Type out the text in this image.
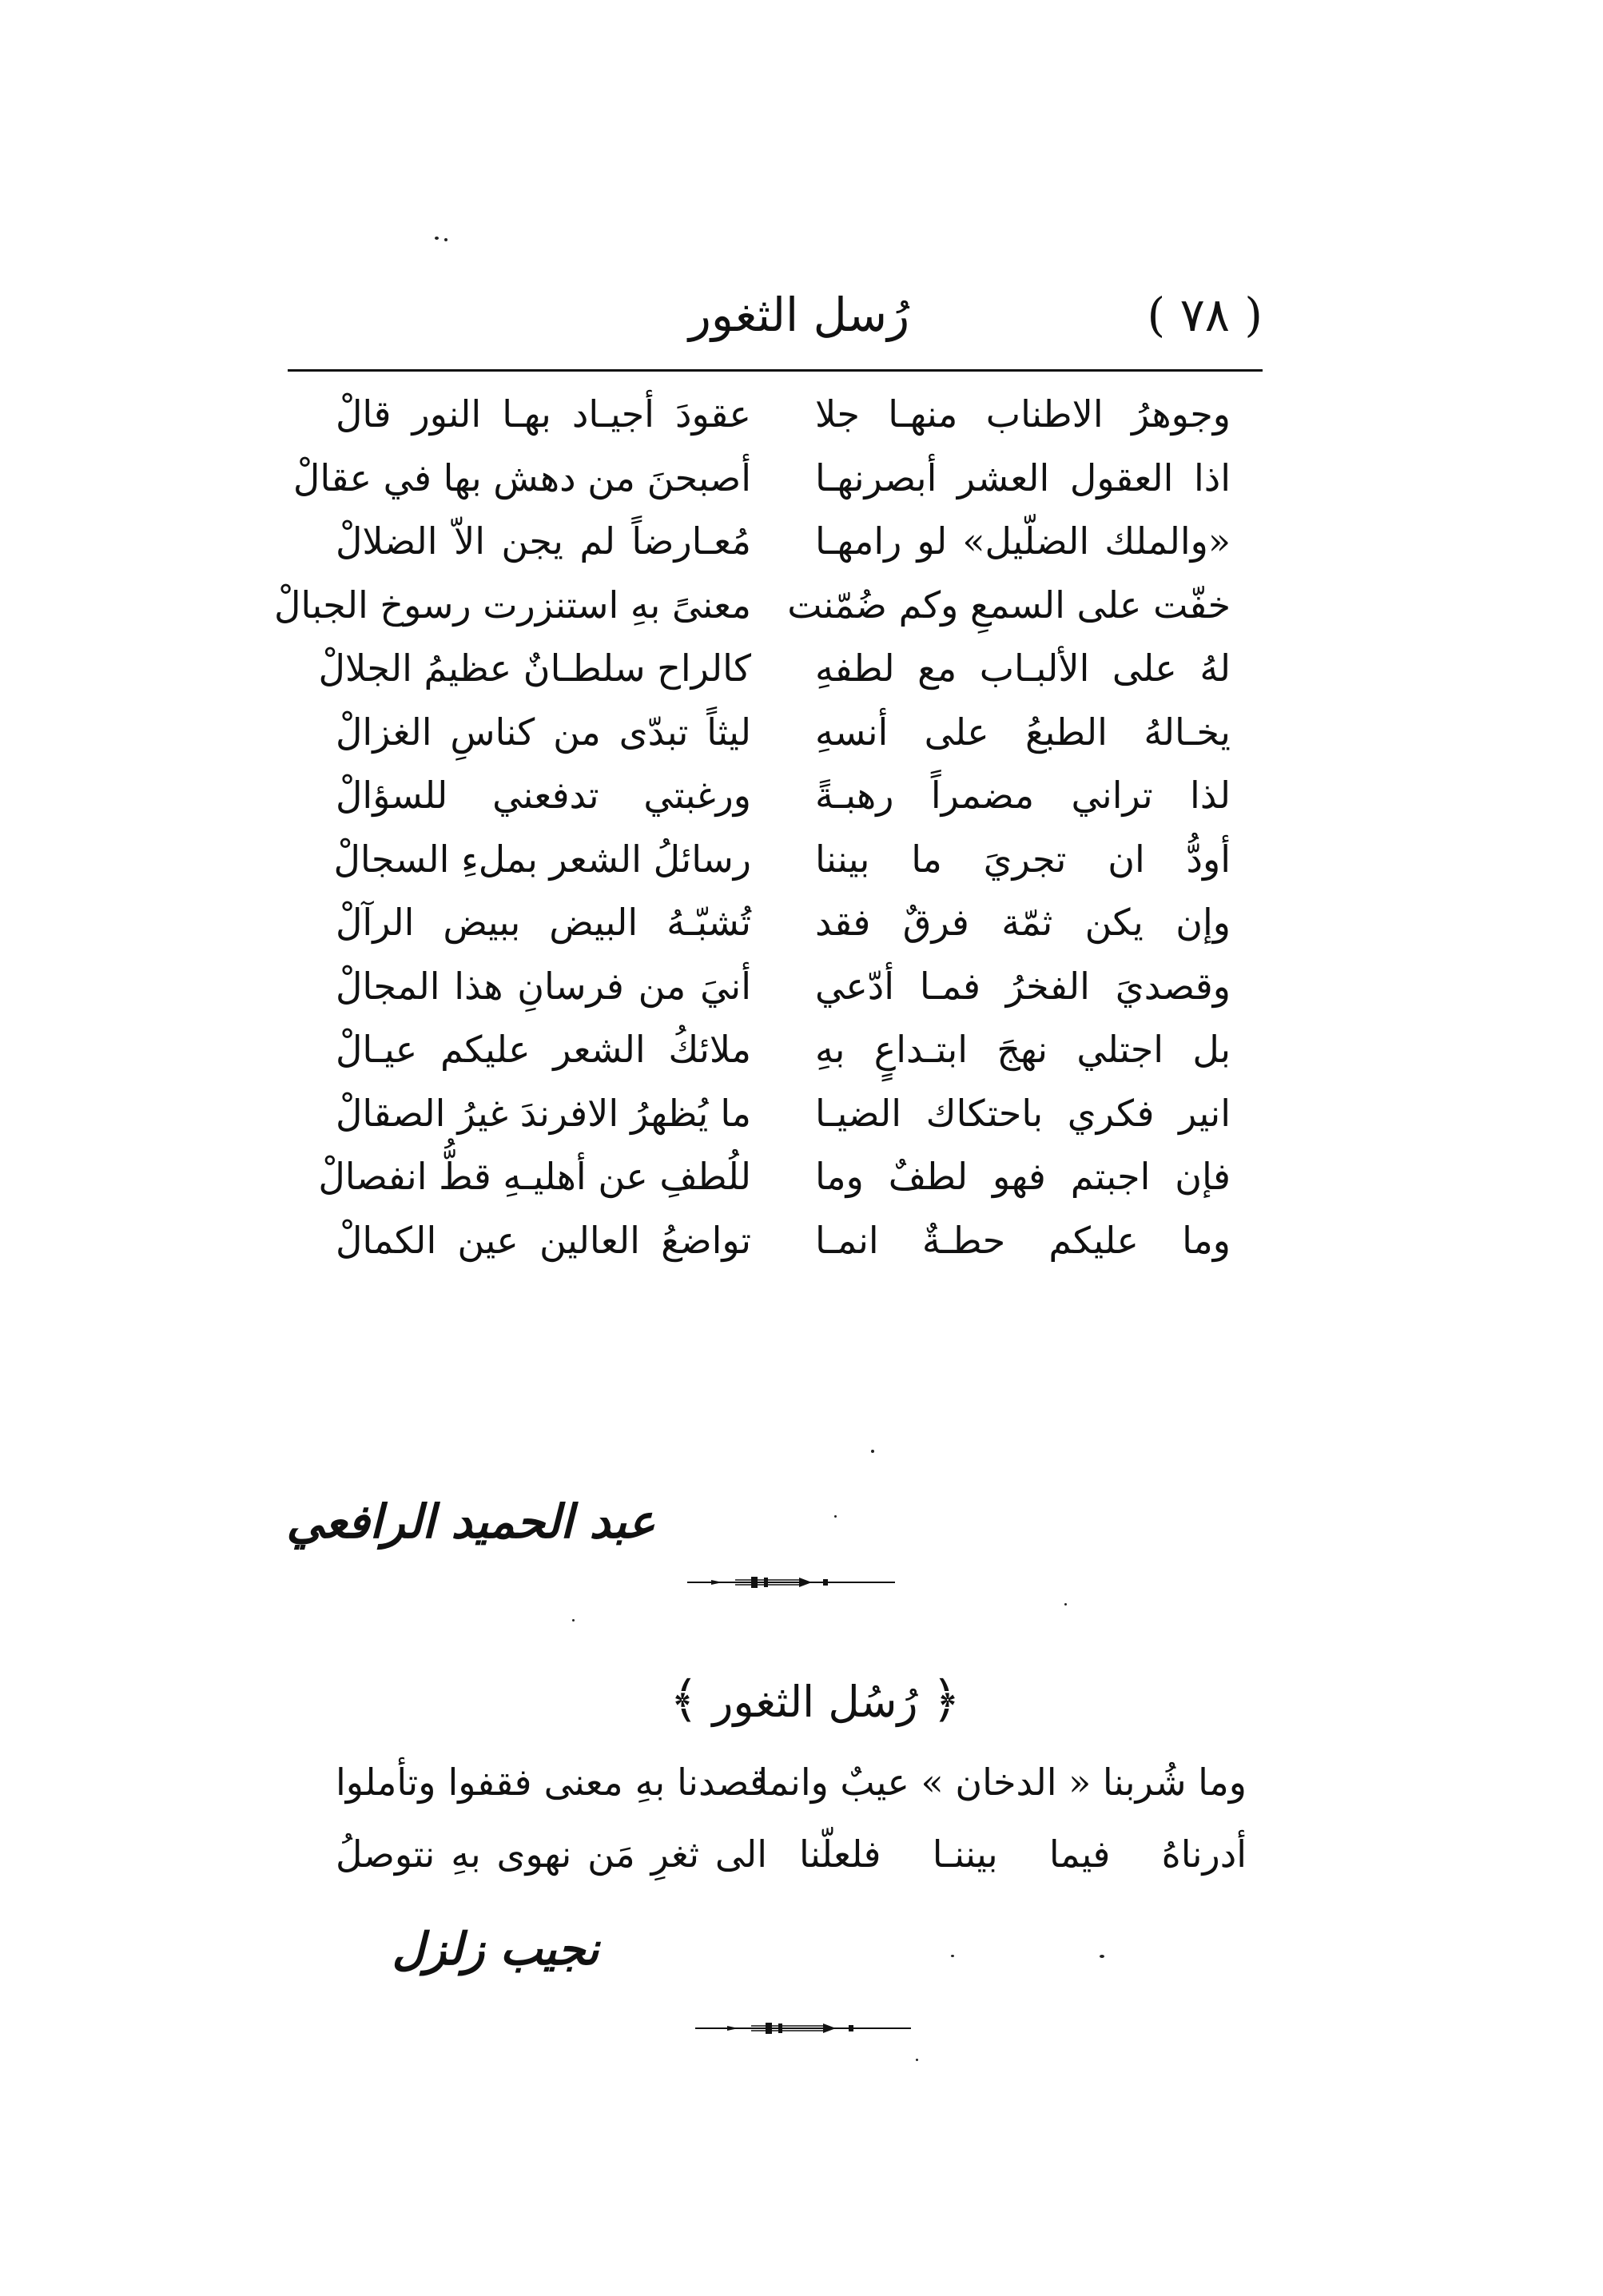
( ٧٨ )
رُسل الثغور
وجوهرُ الاطناب منهـا جلا
عقودَ أجيـاد بهـا النور قالْ
اذا العقول العشر أبصرنهـا
أصبحنَ من دهش بها في عقالْ
«والملك الضلّيل» لو رامهـا
مُعـارضاً لم يجن الاّ الضلالْ
خفّت على السمعِ وكم ضُمّنت
معنىً بهِ استنزرت رسوخ الجبالْ
لهُ على الألبـاب مع لطفهِ
كالراح سلطـانٌ عظيمُ الجلالْ
يخـالهُ الطبعُ على أنسهِ
ليثاً تبدّى من كناسِ الغزالْ
لذا تراني مضمراً رهبـةً
ورغبتي تدفعني للسؤالْ
أودُّ ان تجريَ ما بيننا
رسائلُ الشعر بملءِ السجالْ
وإن يكن ثمّة فرقٌ فقد
تُشبّـهُ البيض ببيض الرآلْ
وقصديَ الفخرُ فمـا أدّعي
أنيَ من فرسانِ هذا المجالْ
بل اجتلي نهجَ ابتـداعٍ بهِ
ملائكُ الشعر عليكم عيـالْ
انير فكري باحتكاك الضيـا
ما يُظهرُ الافرندَ غيرُ الصقالْ
فإن اجبتم فهو لطفٌ وما
للُطفِ عن أهليـهِ قطُّ انفصالْ
وما عليكم حطـةٌ انمـا
تواضعُ العالين عين الكمالْ
عبد الحميد الرافعي
﴿ رُسُل الثغور ﴾
وما شُربنا « الدخان » عيبٌ وانما
قصدنا بهِ معنى فقفوا وتأملوا
أدرناهُ فيما بيننـا فلعلّنا
الى ثغرِ مَن نهوى بهِ نتوصلُ
نجيب زلزل
